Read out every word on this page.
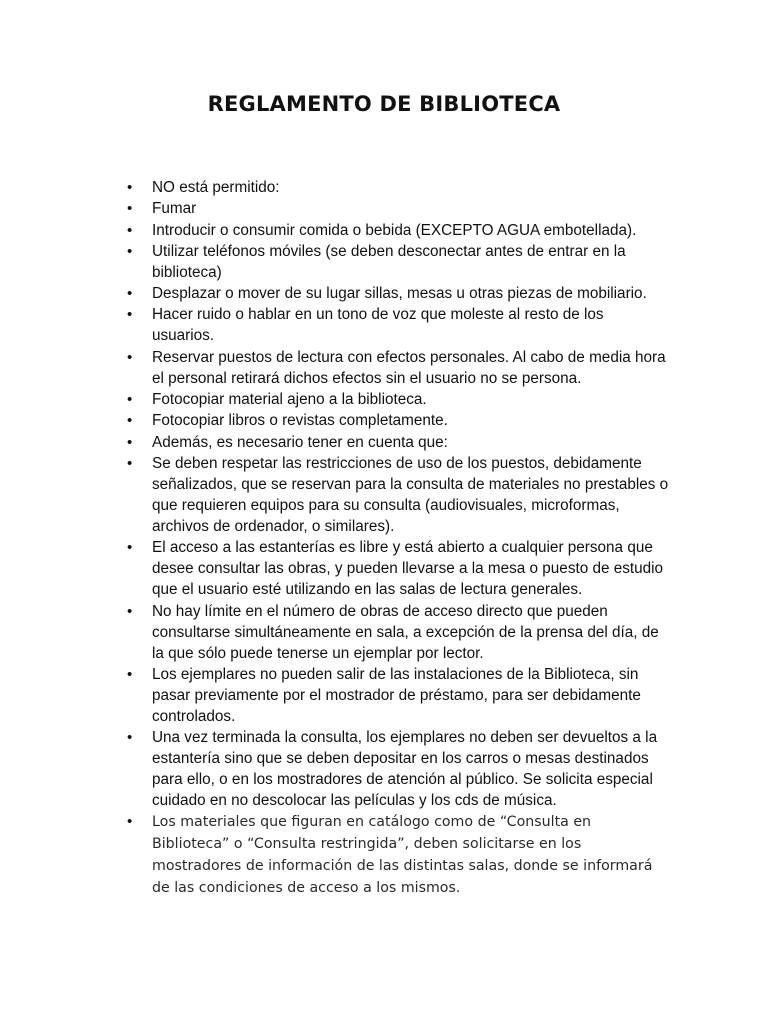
REGLAMENTO DE BIBLIOTECA
• NO está permitido:
• Fumar
• Introducir o consumir comida o bebida (EXCEPTO AGUA embotellada).
• Utilizar teléfonos móviles (se deben desconectar antes de entrar en la biblioteca)
• Desplazar o mover de su lugar sillas, mesas u otras piezas de mobiliario.
• Hacer ruido o hablar en un tono de voz que moleste al resto de los usuarios.
• Reservar puestos de lectura con efectos personales. Al cabo de media hora el personal retirará dichos efectos sin el usuario no se persona.
• Fotocopiar material ajeno a la biblioteca.
• Fotocopiar libros o revistas completamente.
• Además, es necesario tener en cuenta que:
• Se deben respetar las restricciones de uso de los puestos, debidamente señalizados, que se reservan para la consulta de materiales no prestables o que requieren equipos para su consulta (audiovisuales, microformas, archivos de ordenador, o similares).
• El acceso a las estanterías es libre y está abierto a cualquier persona que desee consultar las obras, y pueden llevarse a la mesa o puesto de estudio que el usuario esté utilizando en las salas de lectura generales.
• No hay límite en el número de obras de acceso directo que pueden consultarse simultáneamente en sala, a excepción de la prensa del día, de la que sólo puede tenerse un ejemplar por lector.
• Los ejemplares no pueden salir de las instalaciones de la Biblioteca, sin pasar previamente por el mostrador de préstamo, para ser debidamente controlados.
• Una vez terminada la consulta, los ejemplares no deben ser devueltos a la estantería sino que se deben depositar en los carros o mesas destinados para ello, o en los mostradores de atención al público. Se solicita especial cuidado en no descolocar las películas y los cds de música.
• Los materiales que figuran en catálogo como de “Consulta en Biblioteca” o “Consulta restringida”, deben solicitarse en los mostradores de información de las distintas salas, donde se informará de las condiciones de acceso a los mismos.
